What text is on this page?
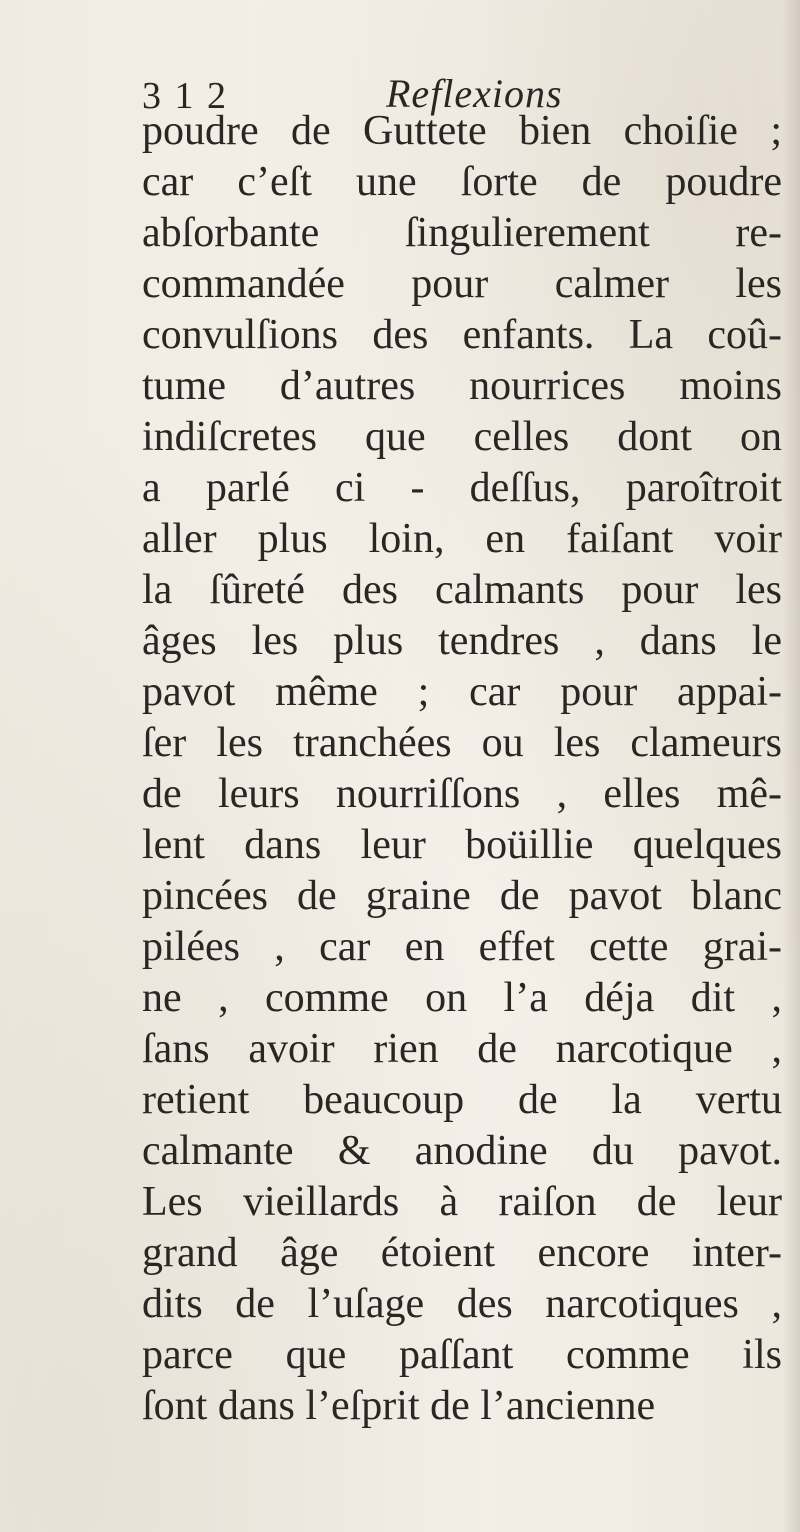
3 1 2	Reflexions
poudre de Guttete bien choiſie ;
car c’eſt une ſorte de poudre
abſorbante ſingulierement re-
commandée pour calmer les
convulſions des enfants. La coû-
tume d’autres nourrices moins
indiſcretes que celles dont on
a parlé ci - deſſus, paroîtroit
aller plus loin, en faiſant voir
la ſûreté des calmants pour les
âges les plus tendres , dans le
pavot même ; car pour appai-
ſer les tranchées ou les clameurs
de leurs nourriſſons , elles mê-
lent dans leur boüillie quelques
pincées de graine de pavot blanc
pilées , car en effet cette grai-
ne , comme on l’a déja dit ,
ſans avoir rien de narcotique ,
retient beaucoup de la vertu
calmante & anodine du pavot.
Les vieillards à raiſon de leur
grand âge étoient encore inter-
dits de l’uſage des narcotiques ,
parce que paſſant comme ils
ſont dans l’eſprit de l’ancienne
